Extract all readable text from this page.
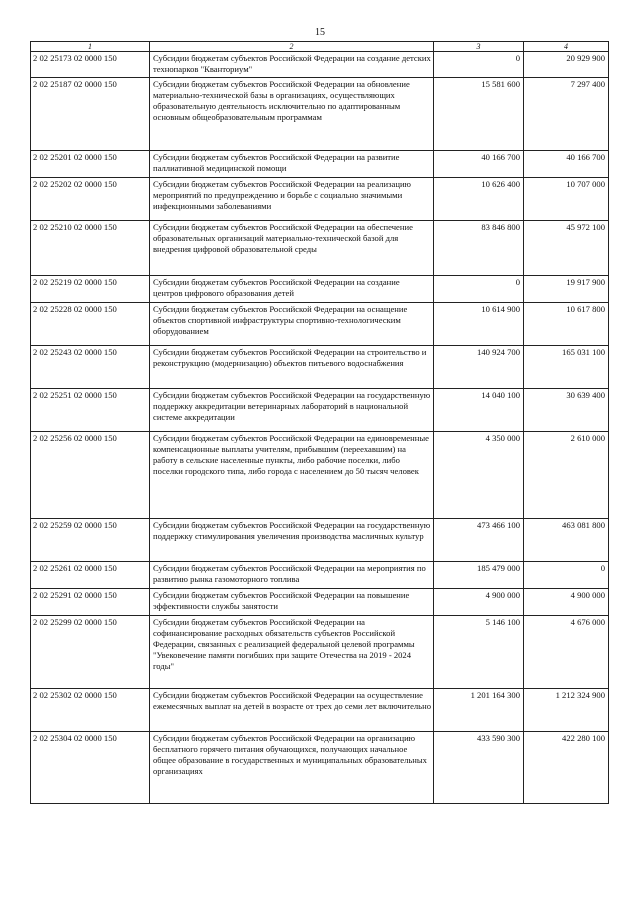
15
1	2	3	4
2 02 25173 02 0000 150	Субсидии бюджетам субъектов Российской Федерации на создание детских технопарков "Кванториум"	0	20 929 900
2 02 25187 02 0000 150	Субсидии бюджетам субъектов Российской Федерации на обновление материально-технической базы в организациях, осуществляющих образовательную деятельность исключительно по адаптированным основным общеобразовательным программам	15 581 600	7 297 400
2 02 25201 02 0000 150	Субсидии бюджетам субъектов Российской Федерации на развитие паллиативной медицинской помощи	40 166 700	40 166 700
2 02 25202 02 0000 150	Субсидии бюджетам субъектов Российской Федерации на реализацию мероприятий по предупреждению и борьбе с социально значимыми инфекционными заболеваниями	10 626 400	10 707 000
2 02 25210 02 0000 150	Субсидии бюджетам субъектов Российской Федерации на обеспечение образовательных организаций материально-технической базой для внедрения цифровой образовательной среды	83 846 800	45 972 100
2 02 25219 02 0000 150	Субсидии бюджетам субъектов Российской Федерации на создание центров цифрового образования детей	0	19 917 900
2 02 25228 02 0000 150	Субсидии бюджетам субъектов Российской Федерации на оснащение объектов спортивной инфраструктуры спортивно-технологическим оборудованием	10 614 900	10 617 800
2 02 25243 02 0000 150	Субсидии бюджетам субъектов Российской Федерации на строительство и реконструкцию (модернизацию) объектов питьевого водоснабжения	140 924 700	165 031 100
2 02 25251 02 0000 150	Субсидии бюджетам субъектов Российской Федерации на государственную поддержку аккредитации ветеринарных лабораторий в национальной системе аккредитации	14 040 100	30 639 400
2 02 25256 02 0000 150	Субсидии бюджетам субъектов Российской Федерации на единовременные компенсационные выплаты учителям, прибывшим (переехавшим) на работу в сельские населенные пункты, либо рабочие поселки, либо поселки городского типа, либо города с населением до 50 тысяч человек	4 350 000	2 610 000
2 02 25259 02 0000 150	Субсидии бюджетам субъектов Российской Федерации на государственную поддержку стимулирования увеличения производства масличных культур	473 466 100	463 081 800
2 02 25261 02 0000 150	Субсидии бюджетам субъектов Российской Федерации на мероприятия по развитию рынка газомоторного топлива	185 479 000	0
2 02 25291 02 0000 150	Субсидии бюджетам субъектов Российской Федерации на повышение эффективности службы занятости	4 900 000	4 900 000
2 02 25299 02 0000 150	Субсидии бюджетам субъектов Российской Федерации на софинансирование расходных обязательств субъектов Российской Федерации, связанных с реализацией федеральной целевой программы "Увековечение памяти погибших при защите Отечества на 2019 - 2024 годы"	5 146 100	4 676 000
2 02 25302 02 0000 150	Субсидии бюджетам субъектов Российской Федерации на осуществление ежемесячных выплат на детей в возрасте от трех до семи лет включительно	1 201 164 300	1 212 324 900
2 02 25304 02 0000 150	Субсидии бюджетам субъектов Российской Федерации на организацию бесплатного горячего питания обучающихся, получающих начальное общее образование в государственных и муниципальных образовательных организациях	433 590 300	422 280 100
